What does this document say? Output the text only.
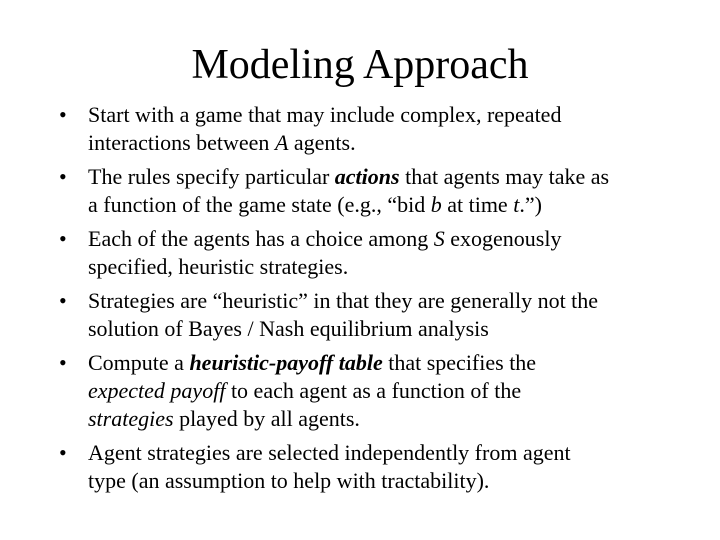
Modeling Approach
• Start with a game that may include complex, repeated
interactions between A agents.
• The rules specify particular actions that agents may take as
a function of the game state (e.g., “bid b at time t.”)
• Each of the agents has a choice among S exogenously
specified, heuristic strategies.
• Strategies are “heuristic” in that they are generally not the
solution of Bayes / Nash equilibrium analysis
• Compute a heuristic-payoff table that specifies the
expected payoff to each agent as a function of the
strategies played by all agents.
• Agent strategies are selected independently from agent
type (an assumption to help with tractability).
